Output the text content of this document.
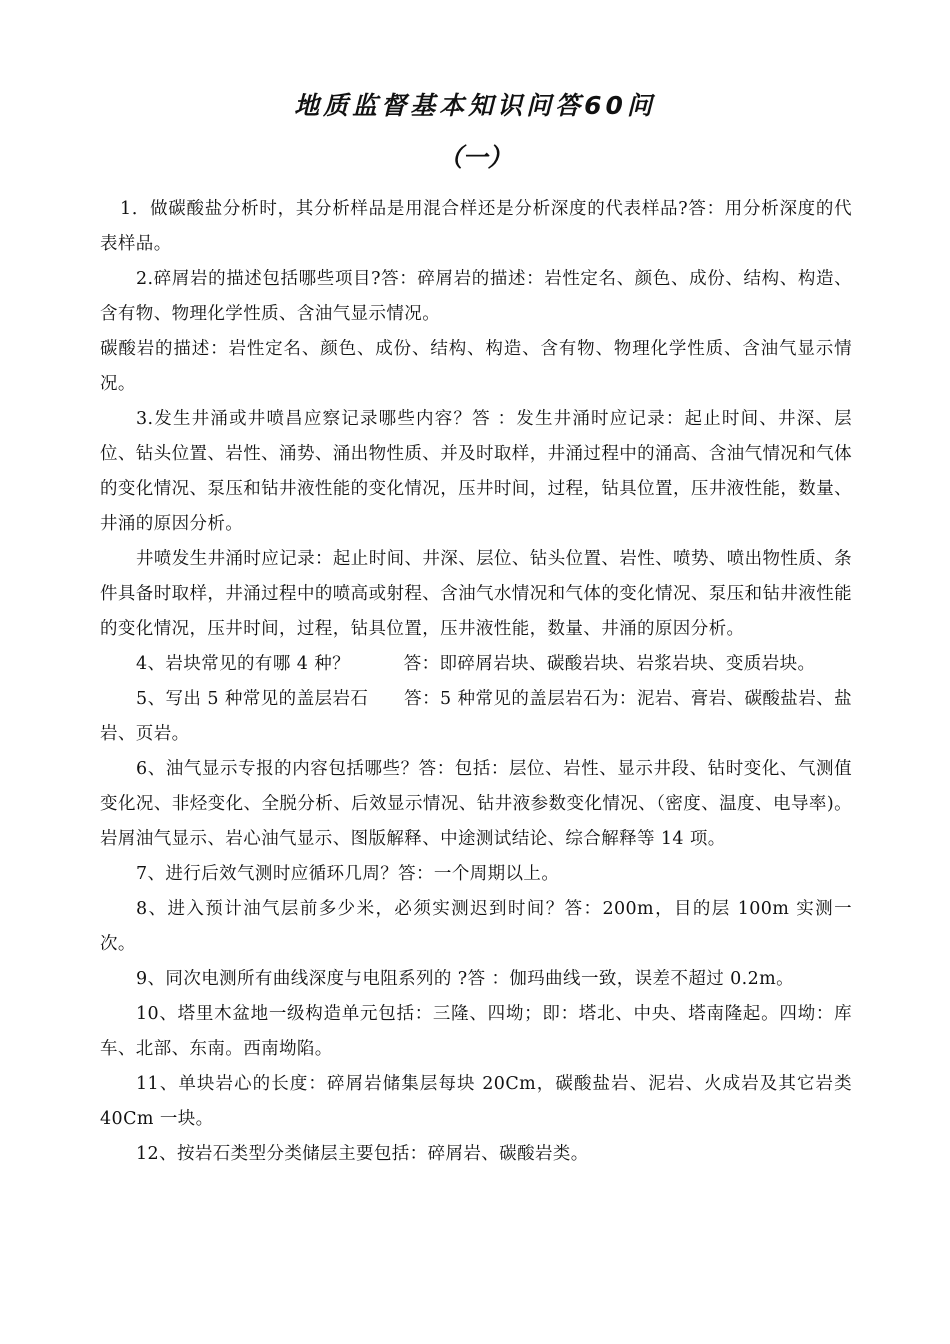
地质监督基本知识问答60问
（一）

1．做碳酸盐分析时，其分析样品是用混合样还是分析深度的代表样品?答：用分析深度的代表样品。

2.碎屑岩的描述包括哪些项目?答：碎屑岩的描述：岩性定名、颜色、成份、结构、构造、含有物、物理化学性质、含油气显示情况。

碳酸岩的描述：岩性定名、颜色、成份、结构、构造、含有物、物理化学性质、含油气显示情况。

3.发生井涌或井喷昌应察记录哪些内容？答 ：发生井涌时应记录：起止时间、井深、层位、钻头位置、岩性、涌势、涌出物性质、并及时取样，井涌过程中的涌高、含油气情况和气体的变化情况、泵压和钻井液性能的变化情况，压井时间，过程，钻具位置，压井液性能，数量、井涌的原因分析。

井喷发生井涌时应记录：起止时间、井深、层位、钻头位置、岩性、喷势、喷出物性质、条件具备时取样，井涌过程中的喷高或射程、含油气水情况和气体的变化情况、泵压和钻井液性能的变化情况，压井时间，过程，钻具位置，压井液性能，数量、井涌的原因分析。

4、岩块常见的有哪 4 种？　　　答：即碎屑岩块、碳酸岩块、岩浆岩块、变质岩块。

5、写出 5 种常见的盖层岩石　　答：5 种常见的盖层岩石为：泥岩、膏岩、碳酸盐岩、盐岩、页岩。

6、油气显示专报的内容包括哪些？答：包括：层位、岩性、显示井段、钻时变化、气测值变化况、非烃变化、全脱分析、后效显示情况、钻井液参数变化情况、（密度、温度、电导率)。岩屑油气显示、岩心油气显示、图版解释、中途测试结论、综合解释等 14 项。

7、进行后效气测时应循环几周？答：一个周期以上。

8、进入预计油气层前多少米，必须实测迟到时间？答：200m，目的层 100m 实测一次。

9、同次电测所有曲线深度与电阻系列的 ?答 ：伽玛曲线一致，误差不超过 0.2m。

10、塔里木盆地一级构造单元包括：三隆、四坳；即：塔北、中央、塔南隆起。四坳：库车、北部、东南。西南坳陷。

11、单块岩心的长度：碎屑岩储集层每块 20Cm，碳酸盐岩、泥岩、火成岩及其它岩类 40Cm 一块。

12、按岩石类型分类储层主要包括：碎屑岩、碳酸岩类。
